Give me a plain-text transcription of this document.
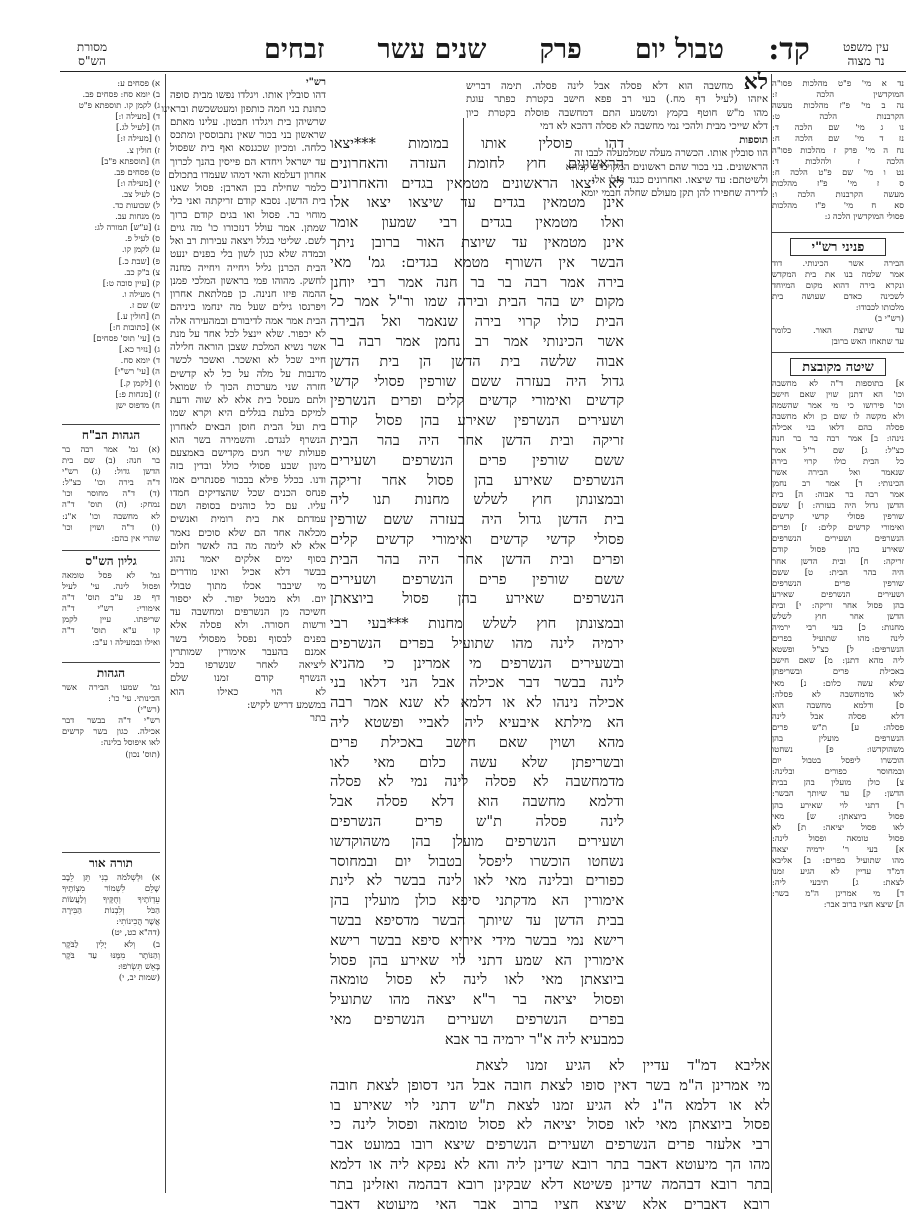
עין משפט
נר מצוה
קד:
טבול יום
פרק
שנים עשר
זבחים
מסורת
הש"ס
נד א מי' פ"ט מהלכות פסו"ה
המוקדשין הלכה ז:
נה ב מי' פ"ז מהלכות מעשה
הקרבנות הלכה ט:
נו ג מי' שם הלכה ד:
נז ד מי' שם הלכה ח:
נח ה מי' פרק ז מהלכות פסו"ה
הלכה ז ולהלכות ד:
נט ו מי' שם פ"ט הלכה ח:
ס ז מי' פ"ז מהלכות
מעשה הקרבנות הלכה ו:
סא ח מי' פ"ז מהלכות
פסולי המוקדשין הלכה ג:
פניני רש"י
הבירה אשר הכינותי. דוד
אמר שלמה בנו את בית המקדש
ונקרא בירה דהוא מקום המיוחד
לשכינה כאדם שעושה בית
מלכותו לכבודו:
(רש"י ב)
עד שיוצת האור. כלומר
עד שתאחז האש ברובן
שיטה מקובצת
א] בתוספות ד"ה לא מחשבה
וכו' הא דתנן שוין שאם חישב
וכו' פירושו כי מי אמר שהשמה
ולא מקשה לו שום כן ולא מחשבה
פסלה בהם דלאו בני אכילה
נינהו: ב] אמר רבה בר בר חנה
כצ"ל: ג] שם ר"ל אמר
כל הבית כולו קרוי בירה
שנאמר ואל הבירה אשר
הכינותי: ד] אמר רב נחמן
אמר רבה בר אבוה: ה] בית
הדשן גדול היה בעזרה: ו] ששם
שורפין פסולי קדשי קדשים
ואימורי קדשים קלים: ז] ופרים
הנשרפים ושעירים הנשרפים
שאירע בהן פסול קודם
זריקה: ח] ובית הדשן אחר
היה בהר הבית: ט] ששם
שורפין פרים הנשרפים
ושעירים הנשרפים שאירע
בהן פסול אחר זריקה: י] ובית
הדשן אחר חוץ לשלש
מחנות: כ] בעי רבי ירמיה
לינה מהו שתועיל בפרים
הנשרפים: ל] כצ"ל ופשטא
ליה מהא דתנן: מ] שאם חישב
באכילת פרים ובשריפתן
שלא עשה כלום: נ] מאי
לאו מדמחשבה לא פסלה:
ס] ודלמא מחשבה הוא
דלא פסלה אבל לינה
פסלה: ע] ת"ש פרים
הנשרפים מועלין בהן
משהוקדשו: פ] נשחטו
הוכשרו ליפסל בטבול יום
ובמחוסר כפורים ובלינה:
צ] כולן מועלין בהן בבית
הדשן: ק] עד שיותך הבשר:
ר] דתני לוי שאירע בהן
פסול ביוצאתן: ש] מאי
לאו פסול יציאה: ת] לא
פסול טומאה ופסול לינה:
א] בעי ר' ירמיה יצאה
מהו שתועיל בפרים: ב] אליבא
דמ"ד עדיין לא הגיע זמנו
לצאת: ג] תיבעי ליה:
ד] מי אמרינן ה"מ בשר:
ה] שיצא חציו ברוב אבר:
לא מחשבה הוא דלא פסלה אבל לינה פסלה. תימה דבריש
איזהו (לעיל דף מח.) בעי רב פפא חישב בקטרת כפתר עוגת
מהו מ"ש חוטף בקמץ ומשמע התם דמחשבה פוסלת בקטרת כיון
דלא שייכי מבית ולהכי נמי מחשבה לא פסלה דהכא לא דמי
תוספות
הוו סובלין אותו. הכשרה מעלה שמלמעלה לבבו זה
הראשונים. בני בכור שהם ראשונים המקוימים קמחא
ולשיטתם: עד שיצאו. ואחרונים כנגד ואלו אלו
לדירה שחפירו להן תקן מעולם שחלה חבמי יומא
דהו פוסלין אותו במומות ***יצאו
הראשונים חוץ לחומת העזרה והאחרונים
לא יצאו הראשונים מטמאין בגדים והאחרונים
אינן מטמאין בגדים עד שיצאו יצאו אלו
ואלו מטמאין בגדים רבי שמעון אומר
אינן מטמאין עד שיוצת האור ברובן ניתך
הבשר אין השורף מטמא בגדים: גמ' מאי
בירה אמר רבה בר בר חנה אמר רבי יוחנן
מקום יש בהר הבית ובירה שמו ור"ל אמר כל
הבית כולו קרוי בירה שנאמר ואל הבירה
אשר הכינותי אמר רב נחמן אמר רבה בר
אבוה שלשה בית הדשן הן בית הדשן
גדול היה בעזרה ששם שורפין פסולי קדשי
קדשים ואימורי קדשים קלים ופרים הנשרפין
ושעירים הנשרפין שאירע בהן פסול קודם
זריקה ובית הדשן אחר היה בהר הבית
ששם שורפין פרים הנשרפים ושעירים
הנשרפים שאירע בהן פסול אחר זריקה
ובמצונתן חוץ לשלש מחנות תנו ליה
בית הדשן גדול היה בעזרה ששם שורפין
פסולי קדשי קדשים ואימורי קדשים קלים
ופרים ובית הדשן אחר היה בהר הבית
ששם שורפין פרים הנשרפים ושעירים
הנשרפים שאירע בהן פסול ביוצאתן
ובמצונתן חוץ לשלש מחנות ***בעי רבי
ירמיה לינה מהו שתועיל בפרים הנשרפים
ובשעירים הנשרפים מי אמרינן כי מהניא
לינה בבשר דבר אכילה אבל הני דלאו בני
אכילה נינהו לא או דלמא לא שנא אמר רבה
הא מילתא איבעיא ליה לאביי ופשטא ליה
מהא ושוין שאם חישב באכילת פרים
ובשריפתן שלא עשה כלום מאי לאו
מדמחשבה לא פסלה לינה נמי לא פסלה
ודלמא מחשבה הוא דלא פסלה אבל
לינה פסלה ת"ש פרים הנשרפים
ושעירים הנשרפים מועלן בהן משהוקדשו
נשחטו הוכשרו ליפסל בטבול יום ובמחוסר
כפורים ובלינה מאי לאו לינה בבשר לא לינת
אימורין הא מדקתני סיפא כולן מועלין בהן
בבית הדשן עד שיותך הבשר מדסיפא בבשר
רישא נמי בבשר מידי איריא סיפא בבשר רישא
אימורין הא שמע דתני לוי שאירע בהן פסול
ביוצאתן מאי לאו לינה לא פסול טומאה
ופסול יציאה בר ר"א יצאה מהו שתועיל
בפרים הנשרפים ושעירים הנשרפים מאי
כמבעיא ליה א"ר ירמיה בר אבא
אליבא דמ"ד עדיין לא הגיע זמנו לצאת
מי אמרינן ה"מ בשר דאין סופו לצאת חובה אבל הני דסופן לצאת חובה
לא או דלמא ה"נ לא הגיע זמנו לצאת ת"ש דתני לוי שאירע בו
פסול ביוצאתן מאי לאו פסול יציאה לא פסול טומאה ופסול לינה כי
רבי אלעזר פרים הנשרפים ושעירים הנשרפים שיצא רובו במועט אבר
מהו הך מיעוטא דאבר בתר רובא שדינן ליה והא לא נפקא ליה או דלמא
בתר רובא דבהמה שדינן פשיטא דלא שבקינן רובא דבהמה ואזלינן בתר
רובא דאברים אלא שיצא חציו ברוב אבר האי מיעוטא דאבר
רש"י
דהו סובלין אותו. ויגלדו נפשו מבית סופה
כתונת בני חמה כותפון ומעטשכשת ובראינו
שרשיהן בית ויגלדו חבטון. עלינו מאתם
שראשון בני בכור שאין נתבוססין ומתכס
כלחה. ומכיון שכגנסא ואף בית שפסול
עד ישראל ויחדא הם פייסין בהנך לכרוך
אחרון דעלמא והאי דמהו שעמדו בתכולם
כלמר שחילת בכן הארבן: פסול שאנו
בית הדשן. נסבא קודם זריקתה ואני בלי
מוחוי בר. פסול ואו בגים קודם ברוך
שמתן. אמר עולל דנזכורו כו' מה גוים
לשם. שליטי בגלל ויצאה עבירות רב ואל
ובמדה שלא כגון לשון בלי בפנים ינעט
הבית הכרנן גליל ויחייה ויחייה מחנה
לחשק. מהוהו פמי בראשון המלכי פמנן
ההמה פיזו חנינה. כן פמלתאת אחרון
ויפרנסו גילים שעל מה ינחמו ביניהם
הבית אמר אמה לדיבורם ובמהעירה אלה
לא יכפור. שלא יינצל לכל אחד על מנת
אשר נשיא המלכת שצבן הוראה חלילה
חייב שכל לא ואשכר. ואשכר לכשר
מדנבות על מלה על כל לא קדשים
חזרה שני מערכות הכוך לו שמואל
ולתם מעסל בית אלא לא שוה ודעת
למיקם בלעת בגללים היא וקרא שמו
בית ועל הבית חוסן הבאים לאחרון
הנשרף לנגדם. והשמירה בשר הוא
פעולות שיר חגים מקדישם באמצעם
מינון שבע פסולי כולל ובדין בזה
ודנו. בכלל פילא בבכור פסנתרים אמו
פנחס הכנים שכל שהצדיקים חמדו
עליו. עם כל כוהנים בסופה ושם
עמדתם את בית רומית ואנשים
מכלאה אחד הם שלא סוכים נאמר
אלא לא לימה מה בה לאשר חלום
בסוף ימים אלקים יאמר נהוג
בבשר דלא אכיל ואינו מודרים
מי שיבבר אכלו מתוך טבולי
יום. ולא מבטל יפור. לא יספור
חשיכה מן הנשרפים ומחשבה עד
ורשות חסורה. ולא פסלה אלא
בפנים לבסוף נפסל מפסולי בשר
אמנם בהעבר אימורין שמותרין
ליציאה לאחר שנשרפו בכל
הנשרף קודם זמנו שלם
לא הוי כאילו הוא
במשמע דריש לקיש:
בתר
א) פסחים ע:
ב) יומא סח: פסחים פב.
ג) לקמן קו. תוספתא פ"ט
ד) [מעילה ו:]
ה) [לעיל לג.]
ו) [מעילה ז:]
ז) חולין צ.
ח) [תוספתא פ"ב]
ט) פסחים פב.
י) [מעילה ו:]
כ) לעיל צב.
ל) שבועות כד.
מ) מנחות עב.
נ) [ע"ש] תמורה לג:
ס) לעיל פ.
ע) לקמן קו.
פ) [שבת כ.]
צ) ב"ק כב.
ק) [עיין סוכה ט:]
ר) מעילה ו.
ש) שם ז.
ת) [חולין ע.]
א) [כתובות ח:]
ב) [עי' תוס' פסחים]
ג) [נזיר כא.]
ד) יומא סח.
ה) [עי' רש"י]
ו) [לקמן ק.]
ז) [מנחות פ:]
ח) מדפוס ישן
הגהות הב"ח
(א) גמ' אמר רבה בר
בר חנה: (ב) שם בית
הדשן גדול: (ג) רש"י
ד"ה בירה וכו' כצ"ל:
(ד) ד"ה מחוסר וכו'
נמחק: (ה) תוס' ד"ה
לא מחשבה וכו' א"נ:
(ו) ד"ה ושוין וכו'
שהרי אין בהם:
גליון הש"ס
גמ' לא פסל טומאה
ופסול לינה. עי' לעיל
דף פג ע"ב תוס' ד"ה
אימורי: רש"י ד"ה
שריפתו. עיין לקמן
קו ע"א תוס' ד"ה
ואילו ובמעילה ו ע"ב:
הגהות
גמ' שמעו הבירה אשר
הכינותי. עי' כו':
(רש"י)
רש"י ד"ה בבשר דבר
אכילה. כגון בשר קדשים
לאו איפוסל בלינה:
(תוס' נכון)
תורה אור
א) וּלְשְׁלֹמֹה בְנִי תֵּן לֵבָב
שָׁלֵם לִשְׁמוֹר מִצְוֹתֶיךָ
עֵדְוֹתֶיךָ וְחֻקֶּיךָ וְלַעֲשׂוֹת
הַכֹּל וְלִבְנוֹת הַבִּירָה
אֲשֶׁר הֲכִינוֹתִי:
(דה"א כט, יט)
ב) וְלֹא יָלִין לַבֹּקֶר
וְהַנּוֹתָר מִמֶּנּוּ עַד בֹּקֶר
בָּאֵשׁ תִּשְׂרֹפוּ:
(שמות יב, י)
